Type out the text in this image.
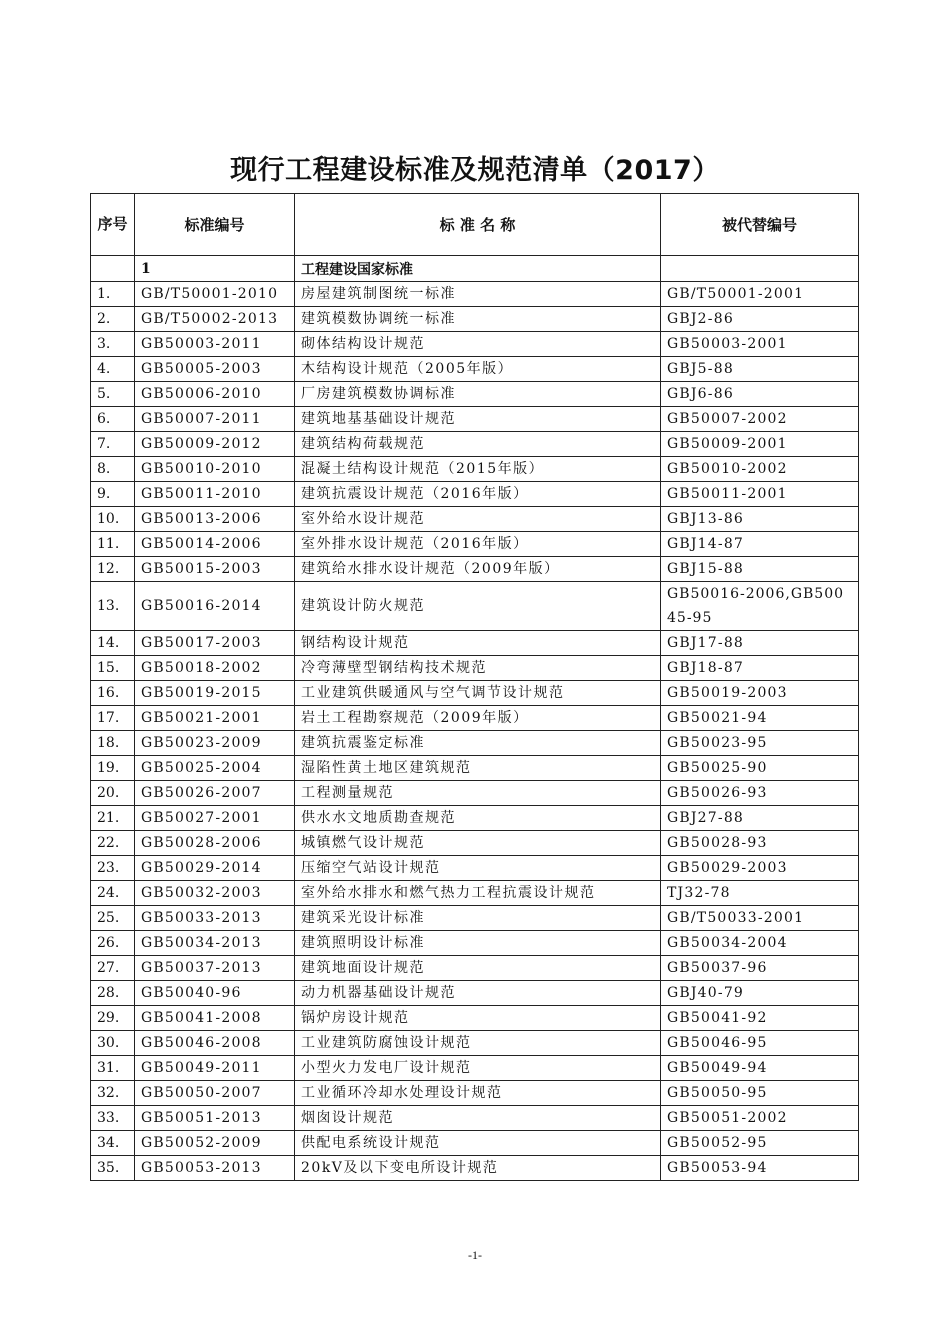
现行工程建设标准及规范清单（2017）
序号	标准编号	标 准 名 称	被代替编号
	1	工程建设国家标准	
1.	GB/T50001-2010	房屋建筑制图统一标准	GB/T50001-2001
2.	GB/T50002-2013	建筑模数协调统一标准	GBJ2-86
3.	GB50003-2011	砌体结构设计规范	GB50003-2001
4.	GB50005-2003	木结构设计规范（2005年版）	GBJ5-88
5.	GB50006-2010	厂房建筑模数协调标准	GBJ6-86
6.	GB50007-2011	建筑地基基础设计规范	GB50007-2002
7.	GB50009-2012	建筑结构荷载规范	GB50009-2001
8.	GB50010-2010	混凝土结构设计规范（2015年版）	GB50010-2002
9.	GB50011-2010	建筑抗震设计规范（2016年版）	GB50011-2001
10.	GB50013-2006	室外给水设计规范	GBJ13-86
11.	GB50014-2006	室外排水设计规范（2016年版）	GBJ14-87
12.	GB50015-2003	建筑给水排水设计规范（2009年版）	GBJ15-88
13.	GB50016-2014	建筑设计防火规范	GB50016-2006,GB50045-95
14.	GB50017-2003	钢结构设计规范	GBJ17-88
15.	GB50018-2002	冷弯薄壁型钢结构技术规范	GBJ18-87
16.	GB50019-2015	工业建筑供暖通风与空气调节设计规范	GB50019-2003
17.	GB50021-2001	岩土工程勘察规范（2009年版）	GB50021-94
18.	GB50023-2009	建筑抗震鉴定标准	GB50023-95
19.	GB50025-2004	湿陷性黄土地区建筑规范	GB50025-90
20.	GB50026-2007	工程测量规范	GB50026-93
21.	GB50027-2001	供水水文地质勘查规范	GBJ27-88
22.	GB50028-2006	城镇燃气设计规范	GB50028-93
23.	GB50029-2014	压缩空气站设计规范	GB50029-2003
24.	GB50032-2003	室外给水排水和燃气热力工程抗震设计规范	TJ32-78
25.	GB50033-2013	建筑采光设计标准	GB/T50033-2001
26.	GB50034-2013	建筑照明设计标准	GB50034-2004
27.	GB50037-2013	建筑地面设计规范	GB50037-96
28.	GB50040-96	动力机器基础设计规范	GBJ40-79
29.	GB50041-2008	锅炉房设计规范	GB50041-92
30.	GB50046-2008	工业建筑防腐蚀设计规范	GB50046-95
31.	GB50049-2011	小型火力发电厂设计规范	GB50049-94
32.	GB50050-2007	工业循环冷却水处理设计规范	GB50050-95
33.	GB50051-2013	烟囱设计规范	GB50051-2002
34.	GB50052-2009	供配电系统设计规范	GB50052-95
35.	GB50053-2013	20kV及以下变电所设计规范	GB50053-94
-1-
